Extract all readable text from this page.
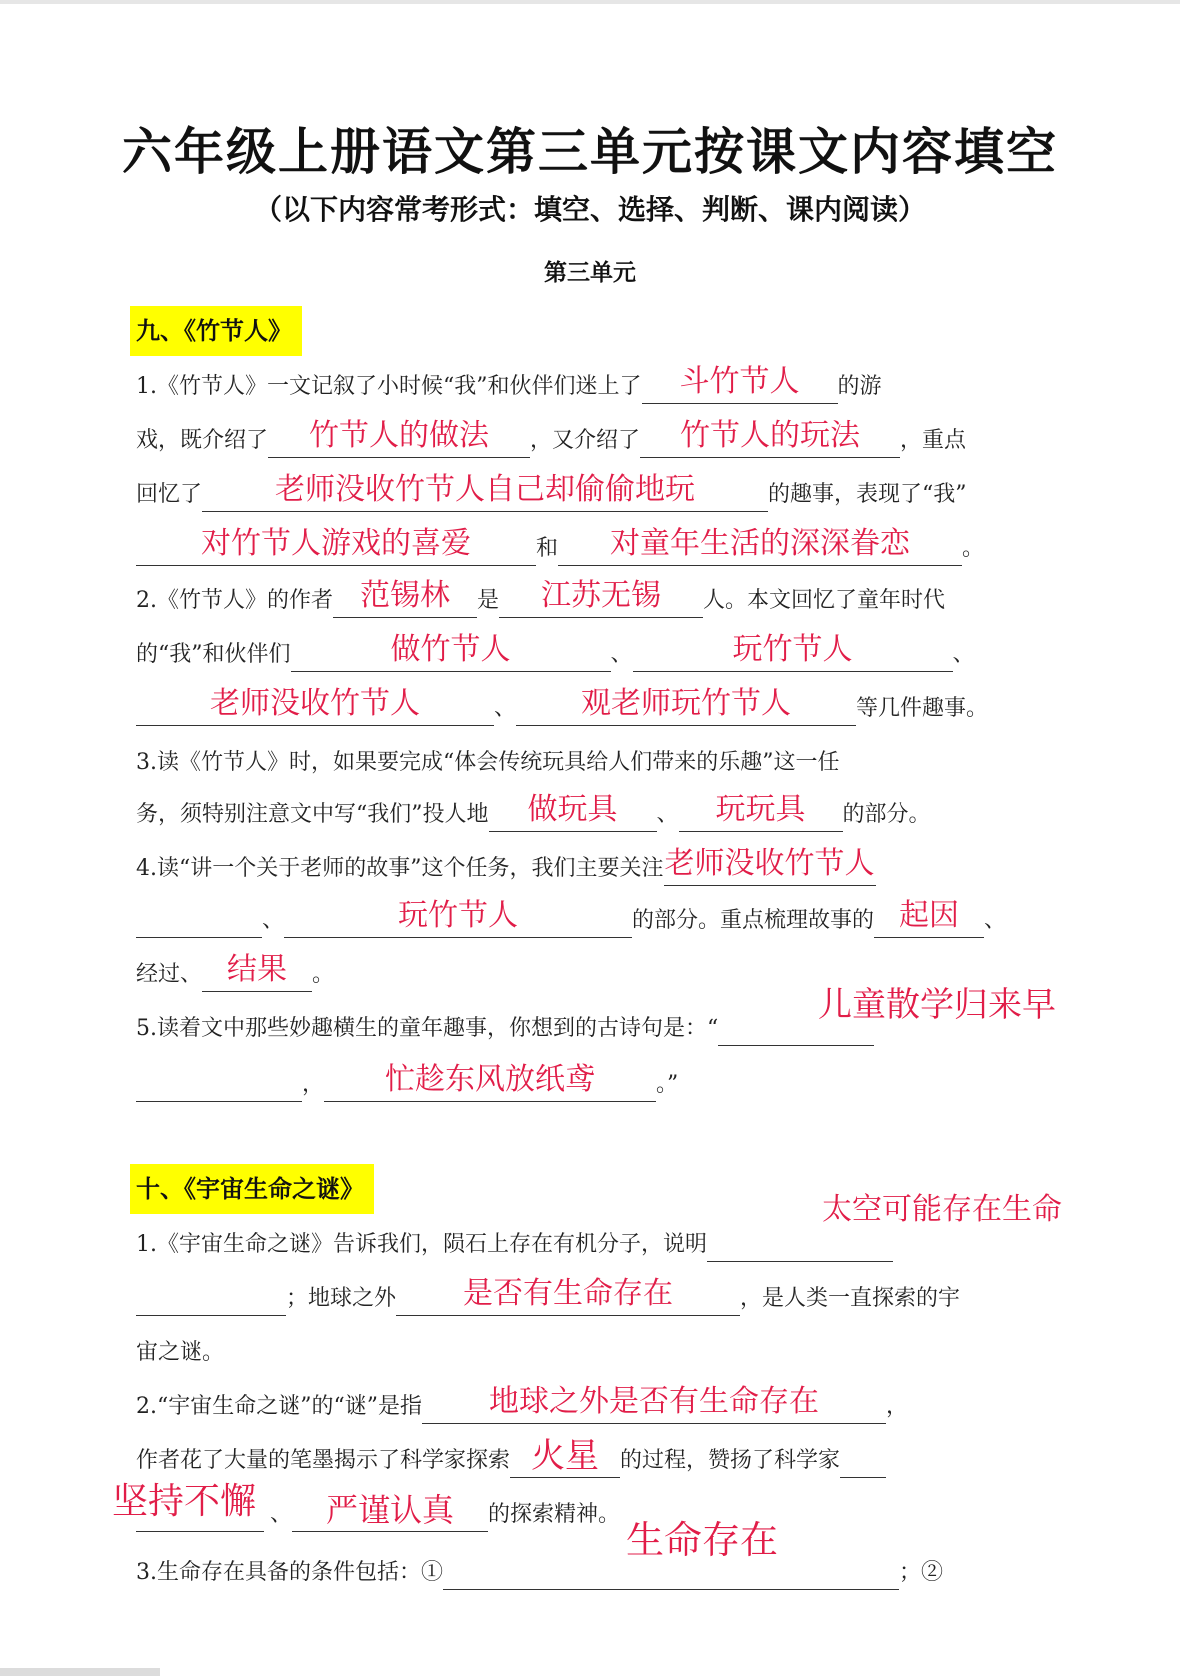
六年级上册语文第三单元按课文内容填空
（以下内容常考形式：填空、选择、判断、课内阅读）
第三单元
九、《竹节人》
1.《竹节人》一文记叙了小时候“我”和伙伴们迷上了	斗竹节人	的游
戏，既介绍了	竹节人的做法	，又介绍了	竹节人的玩法	，重点
回忆了	老师没收竹节人自己却偷偷地玩	的趣事，表现了“我”
对竹节人游戏的喜爱	和	对童年生活的深深眷恋	。
2.《竹节人》的作者 范锡林	是	江苏无锡	人。本文回忆了童年时代
的“我”和伙伴们	做竹节人	、	玩竹节人	、
老师没收竹节人	、	观老师玩竹节人	等几件趣事。
3.读《竹节人》时，如果要完成“体会传统玩具给人们带来的乐趣”这一任
务，须特别注意文中写“我们”投人地	做玩具	、	玩玩具	的部分。
4.读“讲一个关于老师的故事”这个任务，我们主要关注 老师没收竹节人
、	玩竹节人	的部分。重点梳理故事的 起因	、
经过、 结果	。
5.读着文中那些妙趣横生的童年趣事，你想到的古诗句是：“
儿童散学归来早
，	忙趁东风放纸鸢	。”
十、《宇宙生命之谜》
太空可能存在生命
1.《宇宙生命之谜》告诉我们，陨石上存在有机分子，说明
；地球之外	是否有生命存在	，是人类一直探索的宇
宙之谜。
2.“宇宙生命之谜”的“谜”是指	地球之外是否有生命存在	，
作者花了大量的笔墨揭示了科学家探索 火星 的过程，赞扬了科学家
坚持不懈 、	严谨认真	的探索精神。
生命存在
3.生命存在具备的条件包括：①	；②
